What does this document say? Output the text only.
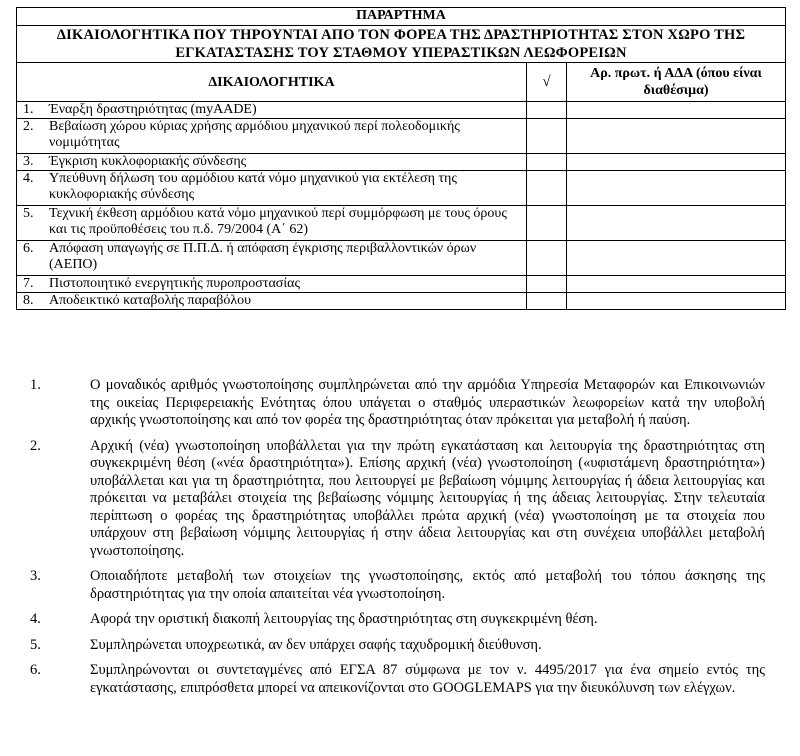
ΠΑΡΑΡΤΗΜΑ		
ΔΙΚΑΙΟΛΟΓΗΤΙΚΑ ΠΟΥ ΤΗΡΟΥΝΤΑΙ ΑΠΟ ΤΟΝ ΦΟΡΕΑ ΤΗΣ ΔΡΑΣΤΗΡΙΟΤΗΤΑΣ ΣΤΟΝ ΧΩΡΟ ΤΗΣ ΕΓΚΑΤΑΣΤΑΣΗΣ ΤΟΥ ΣΤΑΘΜΟΥ ΥΠΕΡΑΣΤΙΚΩΝ ΛΕΩΦΟΡΕΙΩΝ		
ΔΙΚΑΙΟΛΟΓΗΤΙΚΑ	√	Αρ. πρωτ. ή ΑΔΑ (όπου είναι διαθέσιμα)
1. Έναρξη δραστηριότητας (myAADE)		
2. Βεβαίωση χώρου κύριας χρήσης αρμόδιου μηχανικού περί πολεοδομικής νομιμότητας		
3. Έγκριση κυκλοφοριακής σύνδεσης		
4. Υπεύθυνη δήλωση του αρμόδιου κατά νόμο μηχανικού για εκτέλεση της κυκλοφοριακής σύνδεσης		
5. Τεχνική έκθεση αρμόδιου κατά νόμο μηχανικού περί συμμόρφωση με τους όρους και τις προϋποθέσεις του π.δ. 79/2004 (Α΄ 62)		
6. Απόφαση υπαγωγής σε Π.Π.Δ. ή απόφαση έγκρισης περιβαλλοντικών όρων (ΑΕΠΟ)		
7. Πιστοποιητικό ενεργητικής πυροπροστασίας		
8. Αποδεικτικό καταβολής παραβόλου		
1.	Ο μοναδικός αριθμός γνωστοποίησης συμπληρώνεται από την αρμόδια Υπηρεσία Μεταφορών και Επικοινωνιών της οικείας Περιφερειακής Ενότητας όπου υπάγεται ο σταθμός υπεραστικών λεωφορείων κατά την υποβολή αρχικής γνωστοποίησης και από τον φορέα της δραστηριότητας όταν πρόκειται για μεταβολή ή παύση.
2.	Αρχική (νέα) γνωστοποίηση υποβάλλεται για την πρώτη εγκατάσταση και λειτουργία της δραστηριότητας στη συγκεκριμένη θέση («νέα δραστηριότητα»). Επίσης αρχική (νέα) γνωστοποίηση («υφιστάμενη δραστηριότητα») υποβάλλεται και για τη δραστηριότητα, που λειτουργεί με βεβαίωση νόμιμης λειτουργίας ή άδεια λειτουργίας και πρόκειται να μεταβάλει στοιχεία της βεβαίωσης νόμιμης λειτουργίας ή της άδειας λειτουργίας. Στην τελευταία περίπτωση ο φορέας της δραστηριότητας υποβάλλει πρώτα αρχική (νέα) γνωστοποίηση με τα στοιχεία που υπάρχουν στη βεβαίωση νόμιμης λειτουργίας ή στην άδεια λειτουργίας και στη συνέχεια υποβάλλει μεταβολή γνωστοποίησης.
3.	Οποιαδήποτε μεταβολή των στοιχείων της γνωστοποίησης, εκτός από μεταβολή του τόπου άσκησης της δραστηριότητας για την οποία απαιτείται νέα γνωστοποίηση.
4.	Αφορά την οριστική διακοπή λειτουργίας της δραστηριότητας στη συγκεκριμένη θέση.
5.	Συμπληρώνεται υποχρεωτικά, αν δεν υπάρχει σαφής ταχυδρομική διεύθυνση.
6.	Συμπληρώνονται οι συντεταγμένες από ΕΓΣΑ 87 σύμφωνα με τον ν. 4495/2017 για ένα σημείο εντός της εγκατάστασης, επιπρόσθετα μπορεί να απεικονίζονται στο GOOGLEMAPS για την διευκόλυνση των ελέγχων.
